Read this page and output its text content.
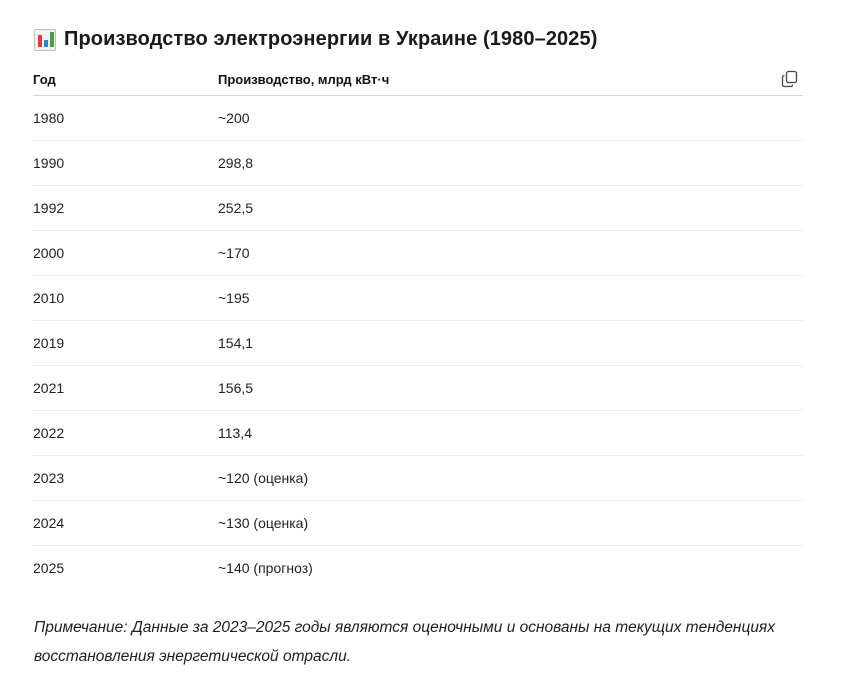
Производство электроэнергии в Украине (1980–2025)
Год	Производство, млрд кВт·ч
1980	~200
1990	298,8
1992	252,5
2000	~170
2010	~195
2019	154,1
2021	156,5
2022	113,4
2023	~120 (оценка)
2024	~130 (оценка)
2025	~140 (прогноз)
Примечание: Данные за 2023–2025 годы являются оценочными и основаны на текущих тенденциях восстановления энергетической отрасли.
